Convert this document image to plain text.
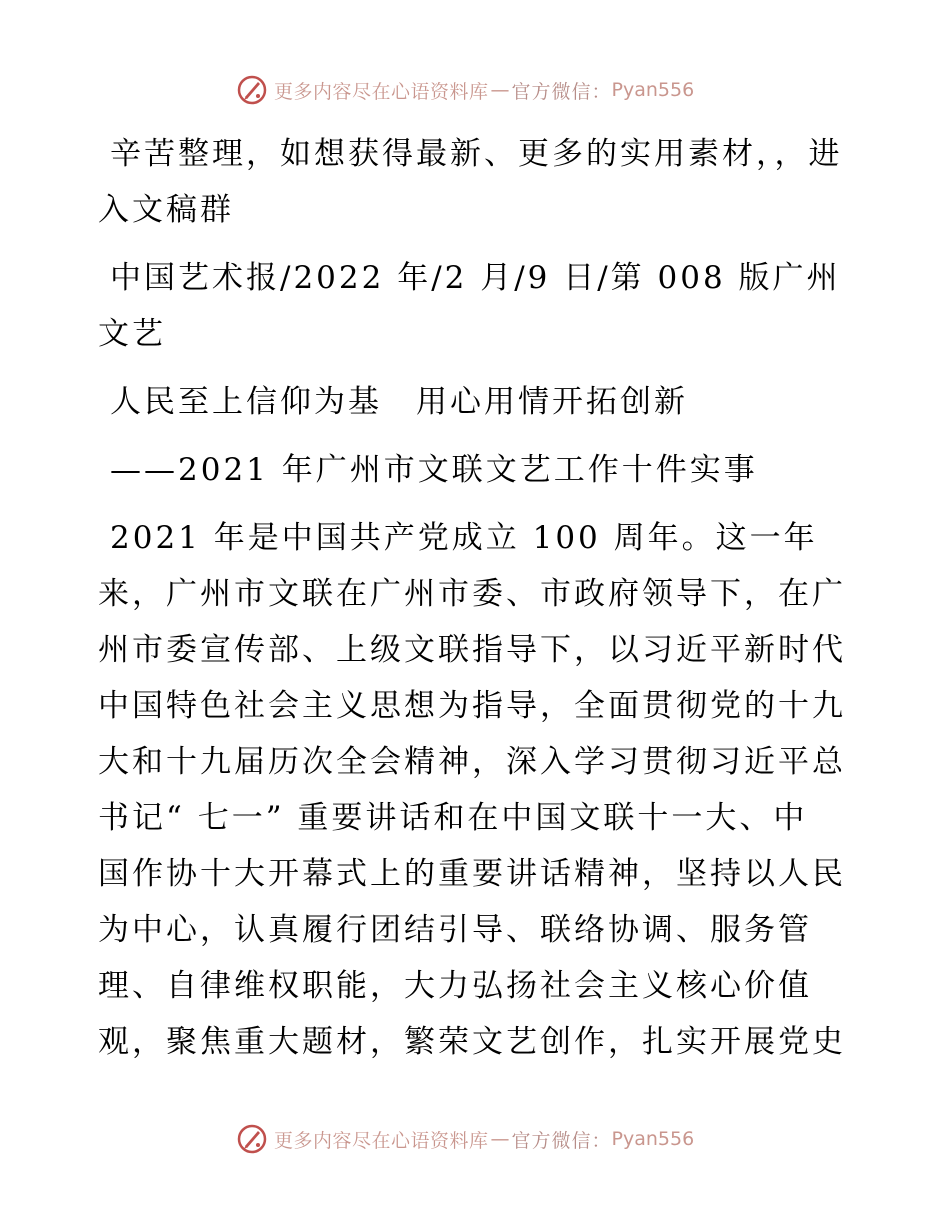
更多内容尽在心语资料库 — 官方微信： Pyan556

辛苦整理，如想获得最新、更多的实用素材，，进入文稿群

中国艺术报/2022 年/2 月/9 日/第 008 版广州文艺

人民至上信仰为基　用心用情开拓创新

——2021 年广州市文联文艺工作十件实事

2021 年是中国共产党成立 100 周年。这一年
来，广州市文联在广州市委、市政府领导下，在广
州市委宣传部、上级文联指导下，以习近平新时代
中国特色社会主义思想为指导，全面贯彻党的十九
大和十九届历次全会精神，深入学习贯彻习近平总
书记“ 七一” 重要讲话和在中国文联十一大、中
国作协十大开幕式上的重要讲话精神，坚持以人民
为中心，认真履行团结引导、联络协调、服务管
理、自律维权职能，大力弘扬社会主义核心价值
观，聚焦重大题材，繁荣文艺创作，扎实开展党史
更多内容尽在心语资料库 — 官方微信： Pyan556
